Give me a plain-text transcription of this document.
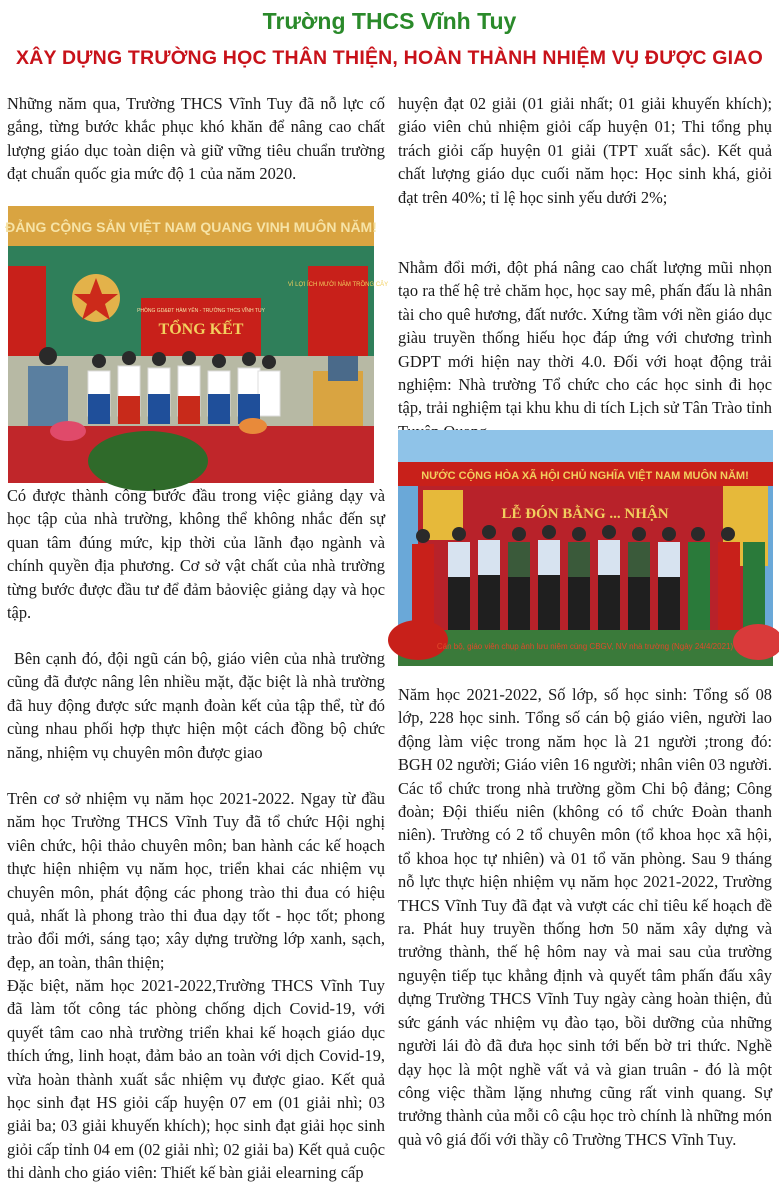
Trường THCS Vĩnh Tuy
XÂY DỰNG TRƯỜNG HỌC THÂN THIỆN, HOÀN THÀNH NHIỆM VỤ ĐƯỢC GIAO

Những năm qua, Trường THCS Vĩnh Tuy đã nỗ lực cố gắng, từng bước khắc phục khó khăn để nâng cao chất lượng giáo dục toàn diện và giữ vững tiêu chuẩn trường đạt chuẩn quốc gia mức độ 1 của năm 2020.

ĐẢNG CỘNG SẢN VIỆT NAM QUANG VINH MUÔN NĂM!
PHÒNG GD&ĐT HÀM YÊN - TRƯỜNG THCS VĨNH TUY
TỔNG KẾT
VÌ LỢI ÍCH MƯỜI NĂM TRỒNG CÂY

Có được thành công bước đầu trong việc giảng dạy và học tập của nhà trường, không thể không nhắc đến sự quan tâm đúng mức, kịp thời của lãnh đạo ngành và chính quyền địa phương. Cơ sở vật chất của nhà trường từng bước được đầu tư để đảm bảoviệc giảng dạy và học tập.

Bên cạnh đó, đội ngũ cán bộ, giáo viên của nhà trường cũng đã được nâng lên nhiều mặt, đặc biệt là nhà trường đã huy động được sức mạnh đoàn kết của tập thể, từ đó cùng nhau phối hợp thực hiện một cách đồng bộ chức năng, nhiệm vụ chuyên môn được giao

Trên cơ sở nhiệm vụ năm học 2021-2022. Ngay từ đầu năm học Trường THCS Vĩnh Tuy đã tổ chức Hội nghị viên chức, hội thảo chuyên môn; ban hành các kế hoạch thực hiện nhiệm vụ năm học, triển khai các nhiệm vụ chuyên môn, phát động các phong trào thi đua có hiệu quả, nhất là phong trào thi đua dạy tốt - học tốt; phong trào đổi mới, sáng tạo; xây dựng trường lớp xanh, sạch, đẹp, an toàn, thân thiện;

Đặc biệt, năm học 2021-2022,Trường THCS Vĩnh Tuy đã làm tốt công tác phòng chống dịch Covid-19, với quyết tâm cao nhà trường triển khai kế hoạch giáo dục thích ứng, linh hoạt, đảm bảo an toàn với dịch Covid-19, vừa hoàn thành xuất sắc nhiệm vụ được giao. Kết quả học sinh đạt HS giỏi cấp huyện 07 em (01 giải nhì; 03 giải ba; 03 giải khuyến khích); học sinh đạt giải học sinh giỏi cấp tỉnh 04 em (02 giải nhì; 02 giải ba) Kết quả cuộc thi dành cho giáo viên: Thiết kế bàn giải elearning cấp

huyện đạt 02 giải (01 giải nhất; 01 giải khuyến khích); giáo viên chủ nhiệm giỏi cấp huyện 01; Thi tổng phụ trách giỏi cấp huyện 01 giải (TPT xuất sắc). Kết quả chất lượng giáo dục cuối năm học: Học sinh khá, giỏi đạt trên 40%; tỉ lệ học sinh yếu dưới 2%;

Nhằm đổi mới, đột phá nâng cao chất lượng mũi nhọn tạo ra thế hệ trẻ chăm học, học say mê, phấn đấu là nhân tài cho quê hương, đất nước. Xứng tầm với nền giáo dục giàu truyền thống hiếu học đáp ứng với chương trình GDPT mới hiện nay thời 4.0. Đối với hoạt động trải nghiệm: Nhà trường Tổ chức cho các học sinh đi học tập, trải nghiệm tại khu khu di tích Lịch sử Tân Trào tỉnh

NƯỚC CỘNG HÒA XÃ HỘI CHỦ NGHĨA VIỆT NAM MUÔN NĂM!
LỄ ĐÓN BẰNG ... NHẬN
Cán bộ, giáo viên chụp ảnh lưu niệm cùng CBGV, NV nhà trường (Ngày 24/4/2021)

Năm học 2021-2022, Số lớp, số học sinh: Tổng số 08 lớp, 228 học sinh. Tổng số cán bộ giáo viên, người lao động làm việc trong năm học là 21 người ;trong đó: BGH 02 người; Giáo viên 16 người; nhân viên 03 người. Các tổ chức trong nhà trường gồm Chi bộ đảng; Công đoàn; Đội thiếu niên (không có tổ chức Đoàn thanh niên). Trường có 2 tổ chuyên môn (tổ khoa học xã hội, tổ khoa học tự nhiên) và 01 tổ văn phòng. Sau 9 tháng nỗ lực thực hiện nhiệm vụ năm học 2021-2022, Trường THCS Vĩnh Tuy đã đạt và vượt các chỉ tiêu kế hoạch đề ra. Phát huy truyền thống hơn 50 năm xây dựng và trưởng thành, thế hệ hôm nay và mai sau của trường nguyện tiếp tục khẳng định và quyết tâm phấn đấu xây dựng Trường THCS Vĩnh Tuy ngày càng hoàn thiện, đủ sức gánh vác nhiệm vụ đào tạo, bồi dưỡng của những người lái đò đã đưa học sinh tới bến bờ tri thức. Nghề dạy học là một nghề vất vả và gian truân - đó là một công việc thầm lặng nhưng cũng rất vinh quang. Sự trưởng thành của mỗi cô cậu học trò chính là những món quà vô giá đối với thầy cô Trường THCS Vĩnh Tuy.
